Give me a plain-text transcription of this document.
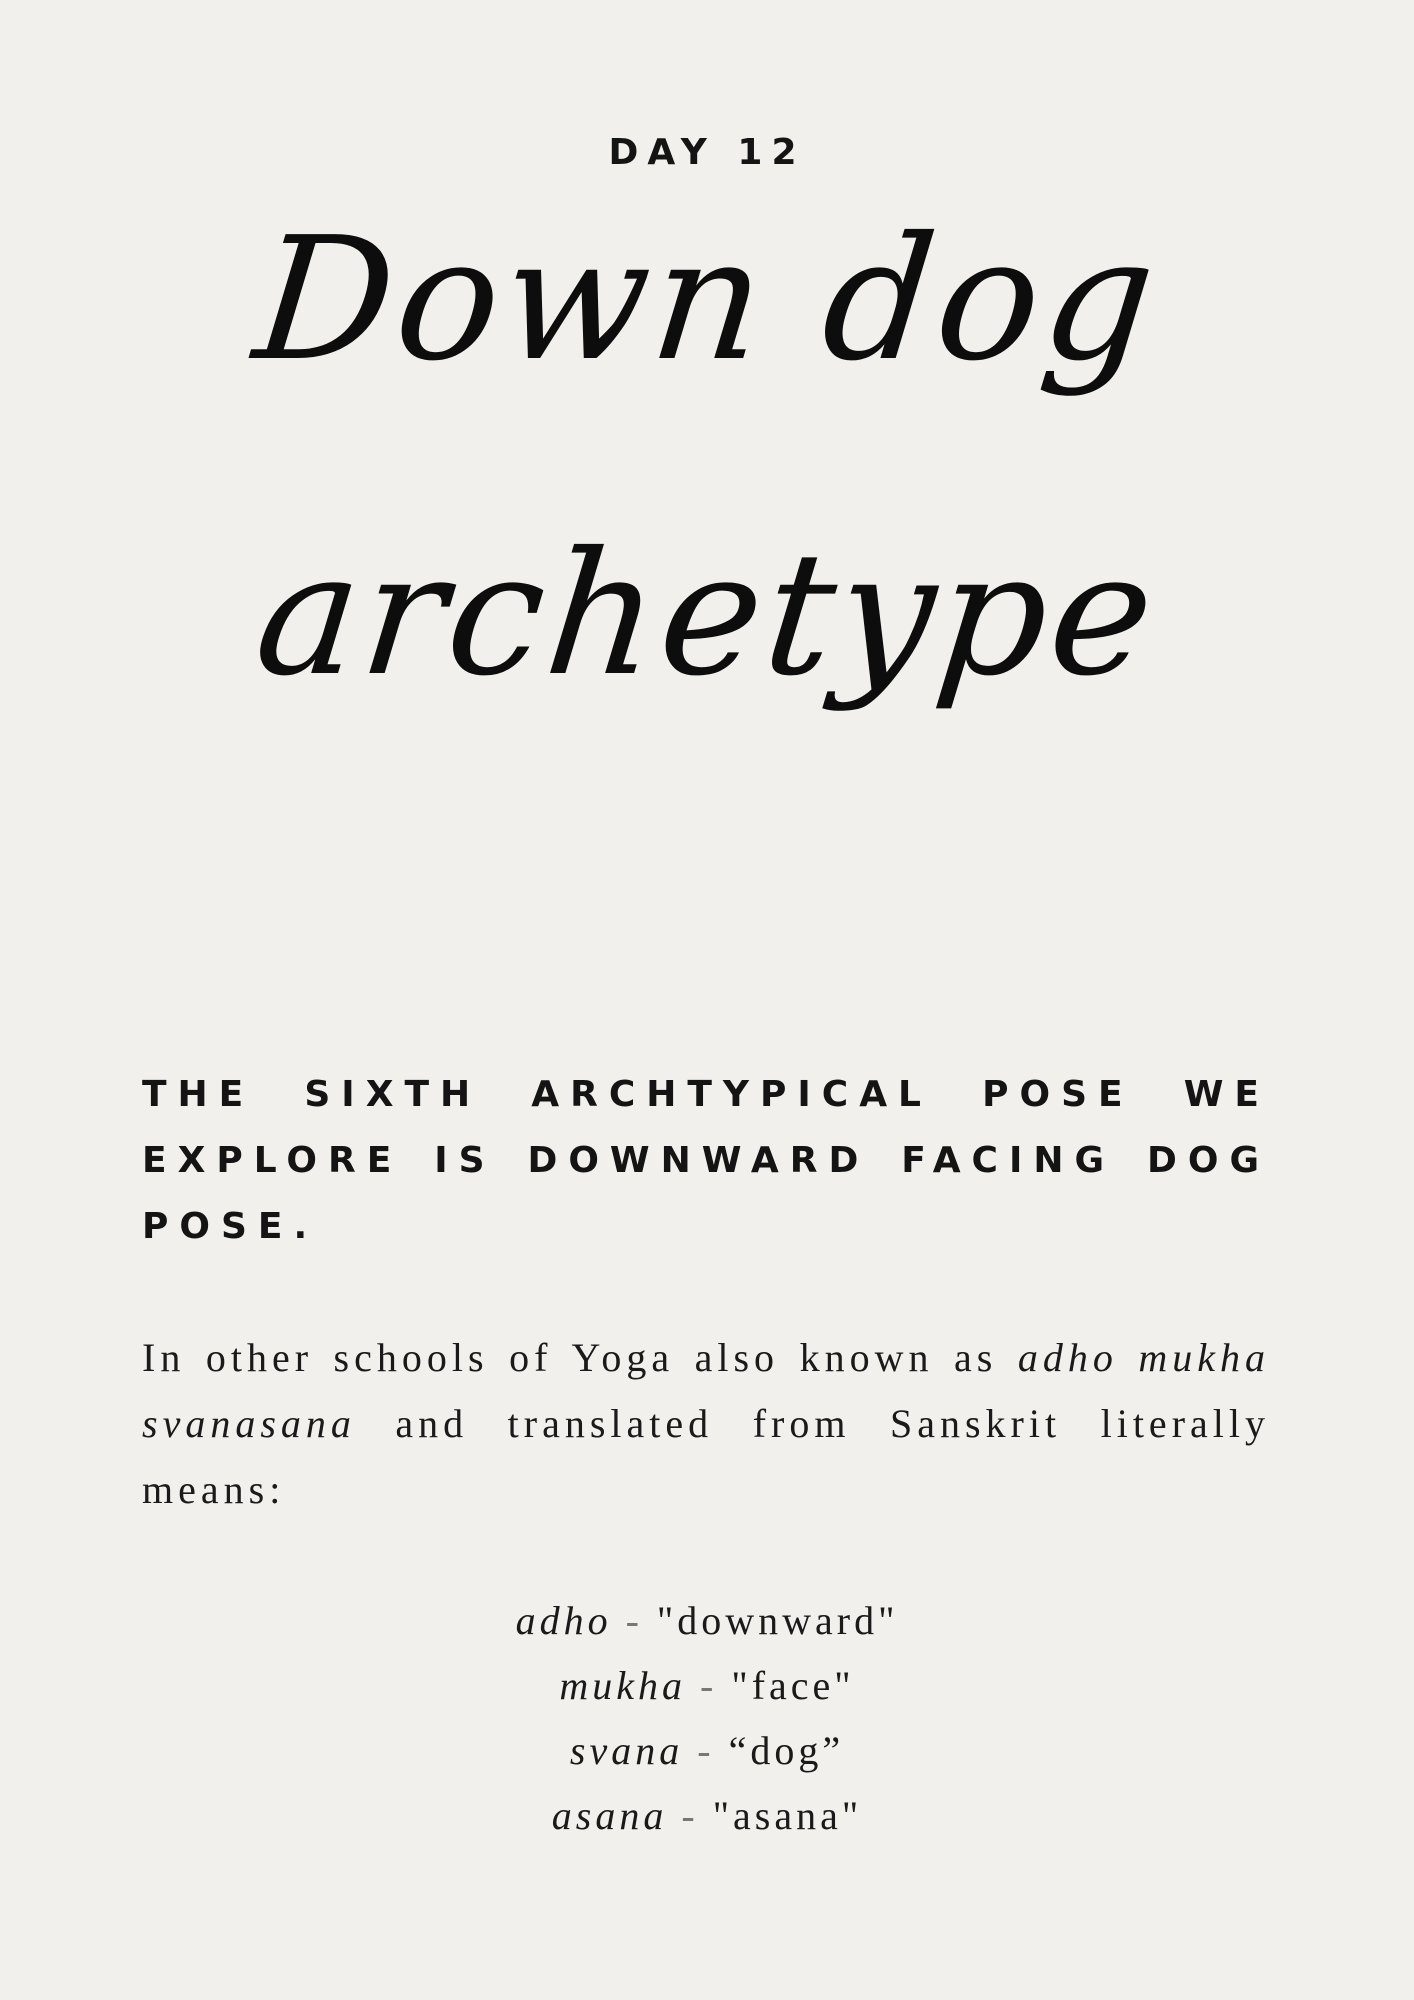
DAY 12
Down dog
archetype
THE SIXTH ARCHTYPICAL POSE WE EXPLORE IS DOWNWARD FACING DOG POSE.
In other schools of Yoga also known as adho mukha svanasana and translated from Sanskrit literally means:
adho - "downward"
mukha - "face"
svana - “dog”
asana - "asana"
